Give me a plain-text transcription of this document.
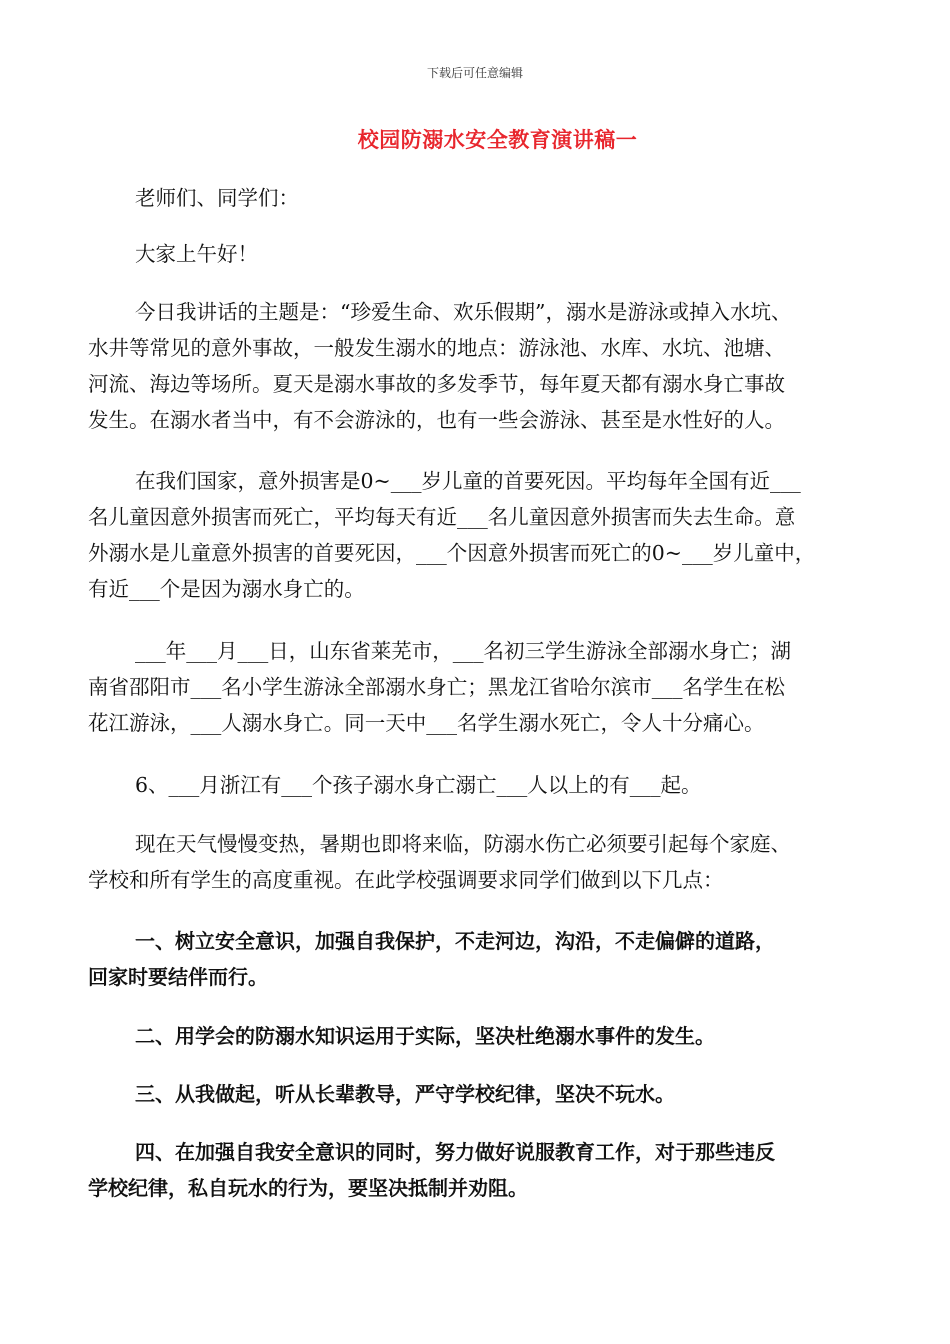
下载后可任意编辑
校园防溺水安全教育演讲稿一
老师们、同学们：
大家上午好！
今日我讲话的主题是：“珍爱生命、欢乐假期”，溺水是游泳或掉入水坑、
水井等常见的意外事故，一般发生溺水的地点：游泳池、水库、水坑、池塘、
河流、海边等场所。夏天是溺水事故的多发季节，每年夏天都有溺水身亡事故
发生。在溺水者当中，有不会游泳的，也有一些会游泳、甚至是水性好的人。
在我们国家，意外损害是0~___岁儿童的首要死因。平均每年全国有近___
名儿童因意外损害而死亡，平均每天有近___名儿童因意外损害而失去生命。意
外溺水是儿童意外损害的首要死因，___个因意外损害而死亡的0~___岁儿童中，
有近___个是因为溺水身亡的。
___年___月___日，山东省莱芜市，___名初三学生游泳全部溺水身亡；湖
南省邵阳市___名小学生游泳全部溺水身亡；黑龙江省哈尔滨市___名学生在松
花江游泳，___人溺水身亡。同一天中___名学生溺水死亡，令人十分痛心。
6、___月浙江有___个孩子溺水身亡溺亡___人以上的有___起。
现在天气慢慢变热，暑期也即将来临，防溺水伤亡必须要引起每个家庭、
学校和所有学生的高度重视。在此学校强调要求同学们做到以下几点：
一、树立安全意识，加强自我保护，不走河边，沟沿，不走偏僻的道路，
回家时要结伴而行。
二、用学会的防溺水知识运用于实际，坚决杜绝溺水事件的发生。
三、从我做起，听从长辈教导，严守学校纪律，坚决不玩水。
四、在加强自我安全意识的同时，努力做好说服教育工作，对于那些违反
学校纪律，私自玩水的行为，要坚决抵制并劝阻。
